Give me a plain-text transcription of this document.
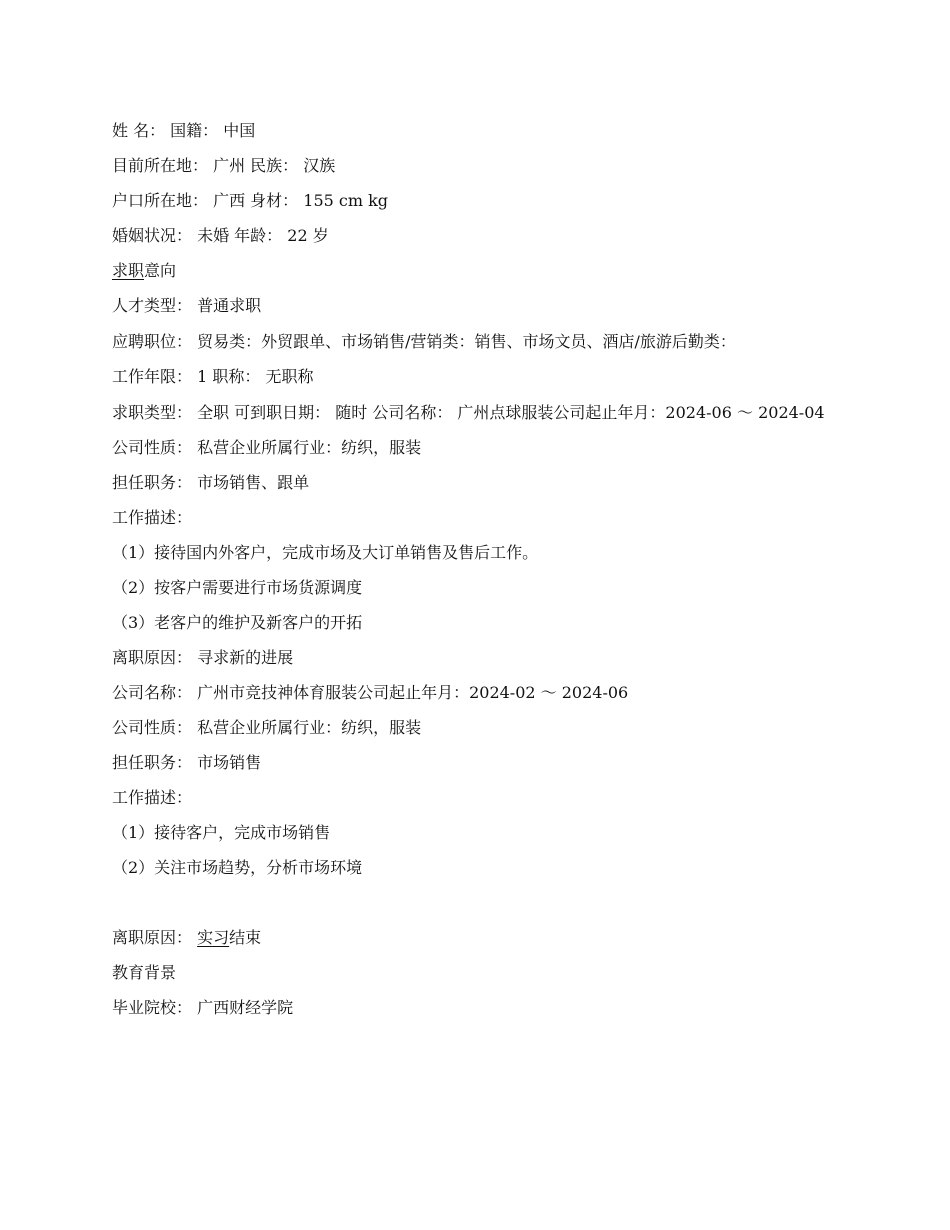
姓 名： 国籍： 中国
目前所在地： 广州 民族： 汉族
户口所在地： 广西 身材： 155 cm kg
婚姻状况： 未婚 年龄： 22 岁
求职意向
人才类型： 普通求职
应聘职位： 贸易类：外贸跟单、市场销售/营销类：销售、市场文员、酒店/旅游后勤类：
工作年限： 1 职称： 无职称
求职类型： 全职 可到职日期： 随时 公司名称： 广州点球服装公司起止年月：2024-06 ～ 2024-04
公司性质： 私营企业所属行业：纺织，服装
担任职务： 市场销售、跟单
工作描述：
（1）接待国内外客户，完成市场及大订单销售及售后工作。
（2）按客户需要进行市场货源调度
（3）老客户的维护及新客户的开拓
离职原因： 寻求新的进展
公司名称： 广州市竞技神体育服装公司起止年月：2024-02 ～ 2024-06
公司性质： 私营企业所属行业：纺织，服装
担任职务： 市场销售
工作描述：
（1）接待客户，完成市场销售
（2）关注市场趋势，分析市场环境
离职原因： 实习结束
教育背景
毕业院校： 广西财经学院
